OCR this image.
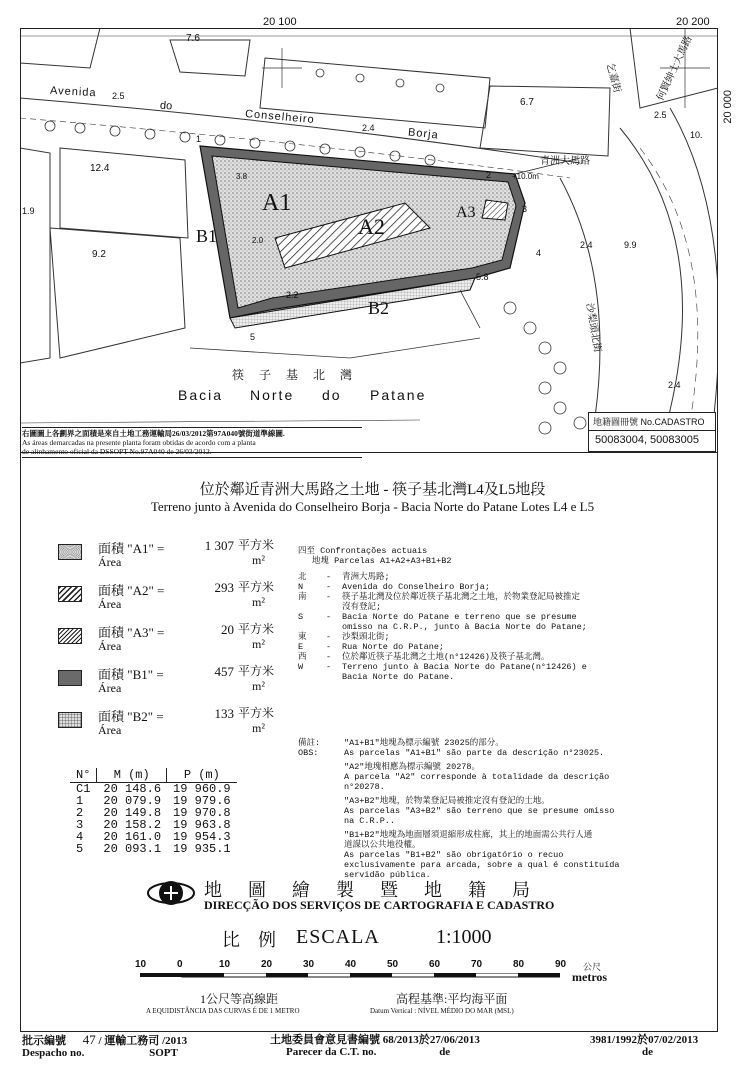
20 100	20 200
20 000
Avenida 2.5
do
Conselheiro
2.4	Borja
青洲大馬路
乞嘉街	何賢紳士大馬路
沙梨頭北街
筷 子 基 北 灣
Bacia Norte do Patane
7.6
6.7
12.4
1.9
9.2
3.8
2.0
2.2
5.8
2.4	9.9
2.5
10.
2.4
+10.0m
A1
A2
A3
B1
B2
1
2
3
4
5
地籍圖冊號 No.CADASTRO
50083004, 50083005
右圖圖上各劃界之面積是來自土地工務運輸局26/03/2012第97A040號街道準線圖.
As áreas demarcadas na presente planta foram obtidas de acordo com a planta
位於鄰近青洲大馬路之土地 - 筷子基北灣L4及L5地段
Terreno junto à Avenida do Conselheiro Borja - Bacia Norte do Patane Lotes L4 e L5
面積 "A1" =
Área
1 307 平方米
m²
面積 "A2" =
Área
293 平方米
m²
面積 "A3" =
Área
20 平方米
m²
面積 "B1" =
Área
457 平方米
m²
面積 "B2" =
Área
133 平方米
m²
四至 Confrontações actuais
地塊 Parcelas A1+A2+A3+B1+B2
北 - 青洲大馬路;
N	- Avenida do Conselheiro Borja;
南 - 筷子基北灣及位於鄰近筷子基北灣之土地，於物業登記局被推定
沒有登記;
S	- Bacia Norte do Patane e terreno que se presume
omisso na C.R.P., junto à Bacia Norte do Patane;
東 - 沙梨頭北街;
E	- Rua Norte do Patane;
西 - 位於鄰近筷子基北灣之土地(n°12426)及筷子基北灣。
W	- Terreno junto à Bacia Norte do Patane(n°12426) e
Bacia Norte do Patane.
備註:
OBS:
"A1+B1"地塊為標示編號 23025的部分。
As parcelas "A1+B1" são parte da descrição n°23025.
"A2"地塊相應為標示編號 20278。
A parcela "A2" corresponde à totalidade da descrição
n°20278.
"A3+B2"地塊，於物業登記局被推定沒有登記的土地。
As parcelas "A3+B2" são terreno que se presume omisso
na C.R.P..
"B1+B2"地塊為地面層須退縮形成柱廊，其上的地面需公共行人通
道謀以公共地役權。
As parcelas "B1+B2" são obrigatório o recuo
exclusivamente para arcada, sobre a qual é constituída
servidão pública.
N°	M (m)	P (m)
C1	20 148.6	19 960.9
1	20 079.9	19 979.6
2	20 149.8	19 970.8
3	20 158.2	19 963.8
4	20 161.0	19 954.3
5	20 093.1	19 935.1
地　圖　繪　製　暨　地　籍　局
DIRECÇÃO DOS SERVIÇOS DE CARTOGRAFIA E CADASTRO
比　例 ESCALA	1:1000
10	0	10	20	30	40	50	60	70	80	90 公尺
metros
1公尺等高線距
A EQUIDISTÂNCIA DAS CURVAS É DE 1 METRO
高程基準:平均海平面
Datum Vertical : NÍVEL MÉDIO DO MAR (MSL)
批示編號 47 / 運輸工務司 /2013
Despacho no.	SOPT
土地委員會意見書編號 68/2013於27/06/2013
Parecer da C.T. no.	de
3981/1992於07/02/2013
de
